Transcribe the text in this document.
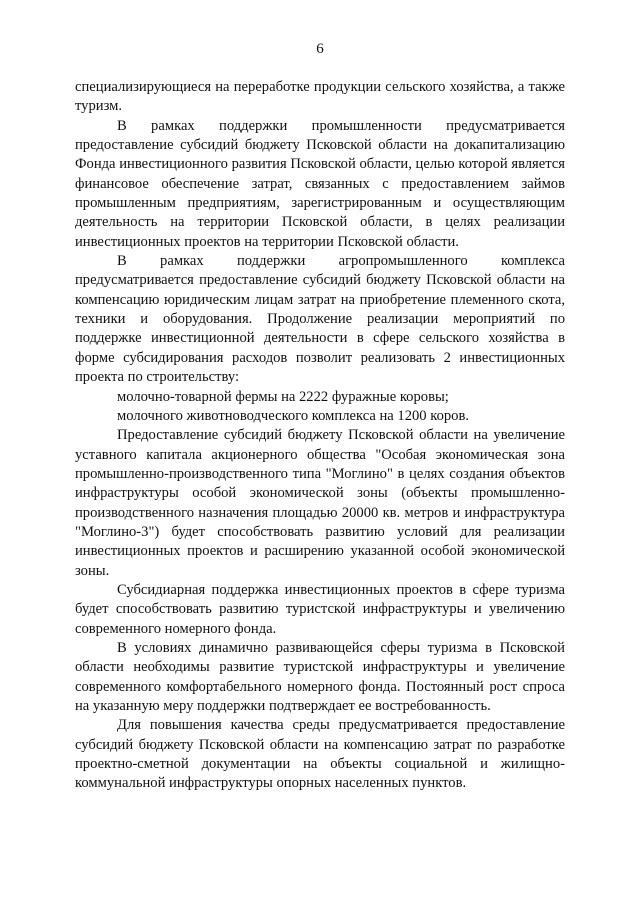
6

специализирующиеся на переработке продукции сельского хозяйства, а также туризм.

В рамках поддержки промышленности предусматривается предоставление субсидий бюджету Псковской области на докапитализацию Фонда инвестиционного развития Псковской области, целью которой является финансовое обеспечение затрат, связанных с предоставлением займов промышленным предприятиям, зарегистрированным и осуществляющим деятельность на территории Псковской области, в целях реализации инвестиционных проектов на территории Псковской области.

В рамках поддержки агропромышленного комплекса предусматривается предоставление субсидий бюджету Псковской области на компенсацию юридическим лицам затрат на приобретение племенного скота, техники и оборудования. Продолжение реализации мероприятий по поддержке инвестиционной деятельности в сфере сельского хозяйства в форме субсидирования расходов позволит реализовать 2 инвестиционных проекта по строительству:

молочно-товарной фермы на 2222 фуражные коровы;

молочного животноводческого комплекса на 1200 коров.

Предоставление субсидий бюджету Псковской области на увеличение уставного капитала акционерного общества "Особая экономическая зона промышленно-производственного типа "Моглино" в целях создания объектов инфраструктуры особой экономической зоны (объекты промышленно-производственного назначения площадью 20000 кв. метров и инфраструктура "Моглино-3") будет способствовать развитию условий для реализации инвестиционных проектов и расширению указанной особой экономической зоны.

Субсидиарная поддержка инвестиционных проектов в сфере туризма будет способствовать развитию туристской инфраструктуры и увеличению современного номерного фонда.

В условиях динамично развивающейся сферы туризма в Псковской области необходимы развитие туристской инфраструктуры и увеличение современного комфортабельного номерного фонда. Постоянный рост спроса на указанную меру поддержки подтверждает ее востребованность.

Для повышения качества среды предусматривается предоставление субсидий бюджету Псковской области на компенсацию затрат по разработке проектно-сметной документации на объекты социальной и жилищно-коммунальной инфраструктуры опорных населенных пунктов.
